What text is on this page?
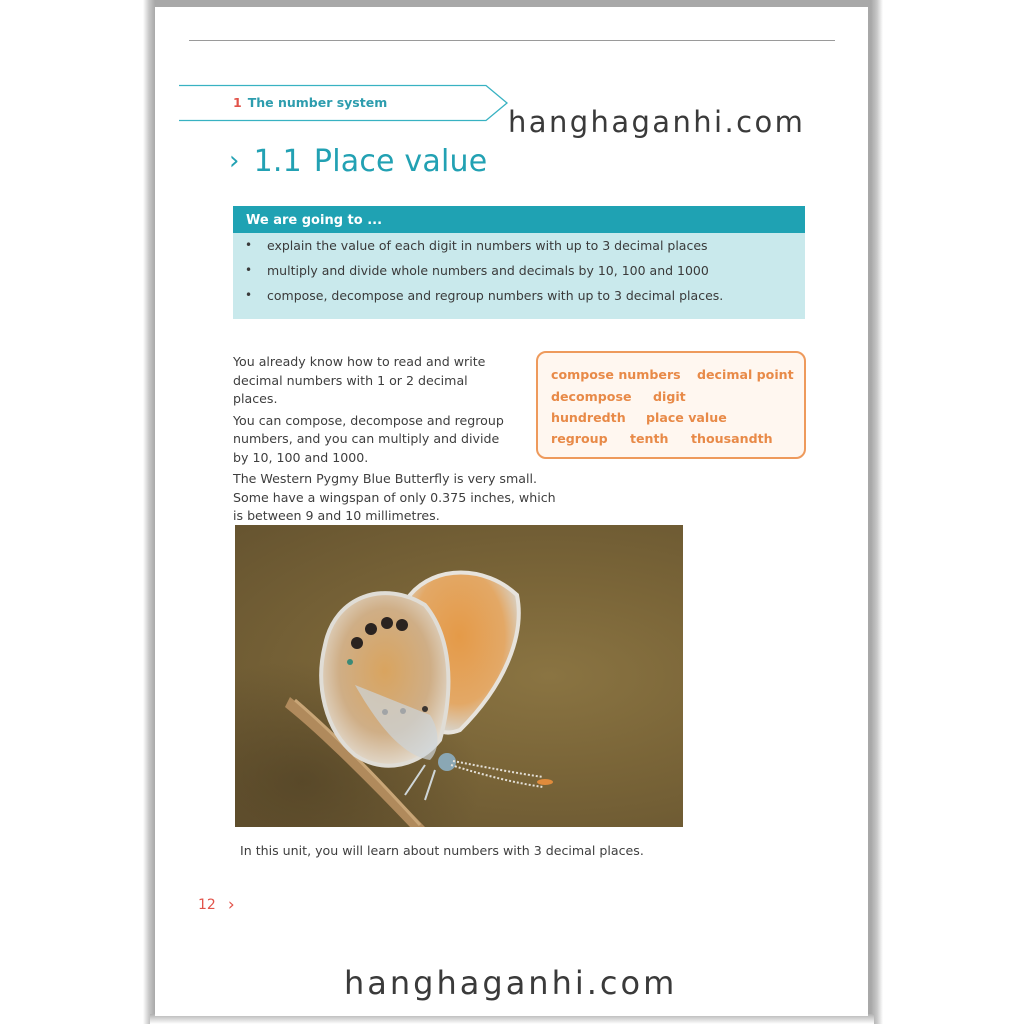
1 The number system
› 1.1 Place value
We are going to ...
• explain the value of each digit in numbers with up to 3 decimal places
• multiply and divide whole numbers and decimals by 10, 100 and 1000
• compose, decompose and regroup numbers with up to 3 decimal places.

You already know how to read and write decimal numbers with 1 or 2 decimal places.

You can compose, decompose and regroup numbers, and you can multiply and divide by 10, 100 and 1000.

The Western Pygmy Blue Butterfly is very small. Some have a wingspan of only 0.375 inches, which is between 9 and 10 millimetres.

compose numbers decimal point
decompose digit
hundredth place value
regroup tenth thousandth
In this unit, you will learn about numbers with 3 decimal places.
12 ›
hanghaganhi.com
hanghaganhi.com
